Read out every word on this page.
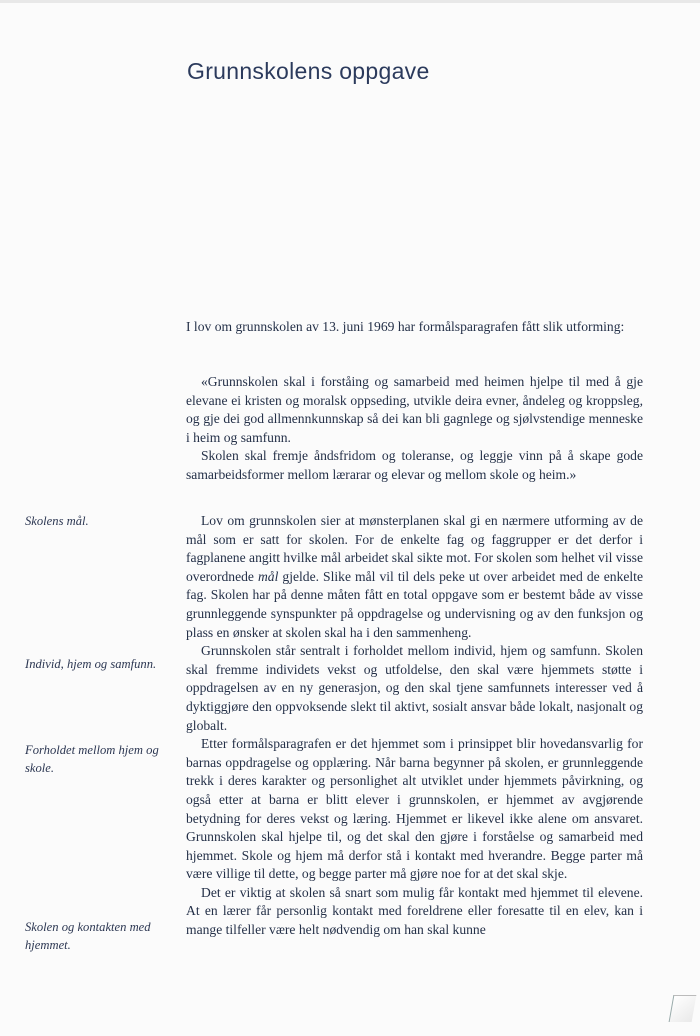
Grunnskolens oppgave

I lov om grunnskolen av 13. juni 1969 har formålsparagrafen fått slik utforming:

«Grunnskolen skal i forståing og samarbeid med heimen hjelpe til med å gje elevane ei kristen og moralsk oppseding, utvikle deira evner, åndeleg og kroppsleg, og gje dei god allmennkunnskap så dei kan bli gagnlege og sjølvstendige menneske i heim og samfunn.

Skolen skal fremje åndsfridom og toleranse, og leggje vinn på å skape gode samarbeidsformer mellom lærarar og elevar og mellom skole og heim.»

Skolens mål.
Individ, hjem og samfunn.
Forholdet mellom hjem og skole.
Skolen og kontakten med hjemmet.

Lov om grunnskolen sier at mønsterplanen skal gi en nærmere utforming av de mål som er satt for skolen. For de enkelte fag og faggrupper er det derfor i fagplanene angitt hvilke mål arbeidet skal sikte mot. For skolen som helhet vil visse overordnede mål gjelde. Slike mål vil til dels peke ut over arbeidet med de enkelte fag. Skolen har på denne måten fått en total oppgave som er bestemt både av visse grunnleggende synspunkter på oppdragelse og undervisning og av den funksjon og plass en ønsker at skolen skal ha i den sammenheng.

Grunnskolen står sentralt i forholdet mellom individ, hjem og samfunn. Skolen skal fremme individets vekst og utfoldelse, den skal være hjemmets støtte i oppdragelsen av en ny generasjon, og den skal tjene samfunnets interesser ved å dyktiggjøre den oppvoksende slekt til aktivt, sosialt ansvar både lokalt, nasjonalt og globalt.

Etter formålsparagrafen er det hjemmet som i prinsippet blir hovedansvarlig for barnas oppdragelse og opplæring. Når barna begynner på skolen, er grunnleggende trekk i deres karakter og personlighet alt utviklet under hjemmets påvirkning, og også etter at barna er blitt elever i grunnskolen, er hjemmet av avgjørende betydning for deres vekst og læring. Hjemmet er likevel ikke alene om ansvaret. Grunnskolen skal hjelpe til, og det skal den gjøre i forståelse og samarbeid med hjemmet. Skole og hjem må derfor stå i kontakt med hverandre. Begge parter må være villige til dette, og begge parter må gjøre noe for at det skal skje.

Det er viktig at skolen så snart som mulig får kontakt med hjemmet til elevene. At en lærer får personlig kontakt med foreldrene eller foresatte til en elev, kan i mange tilfeller være helt nødvendig om han skal kunne
